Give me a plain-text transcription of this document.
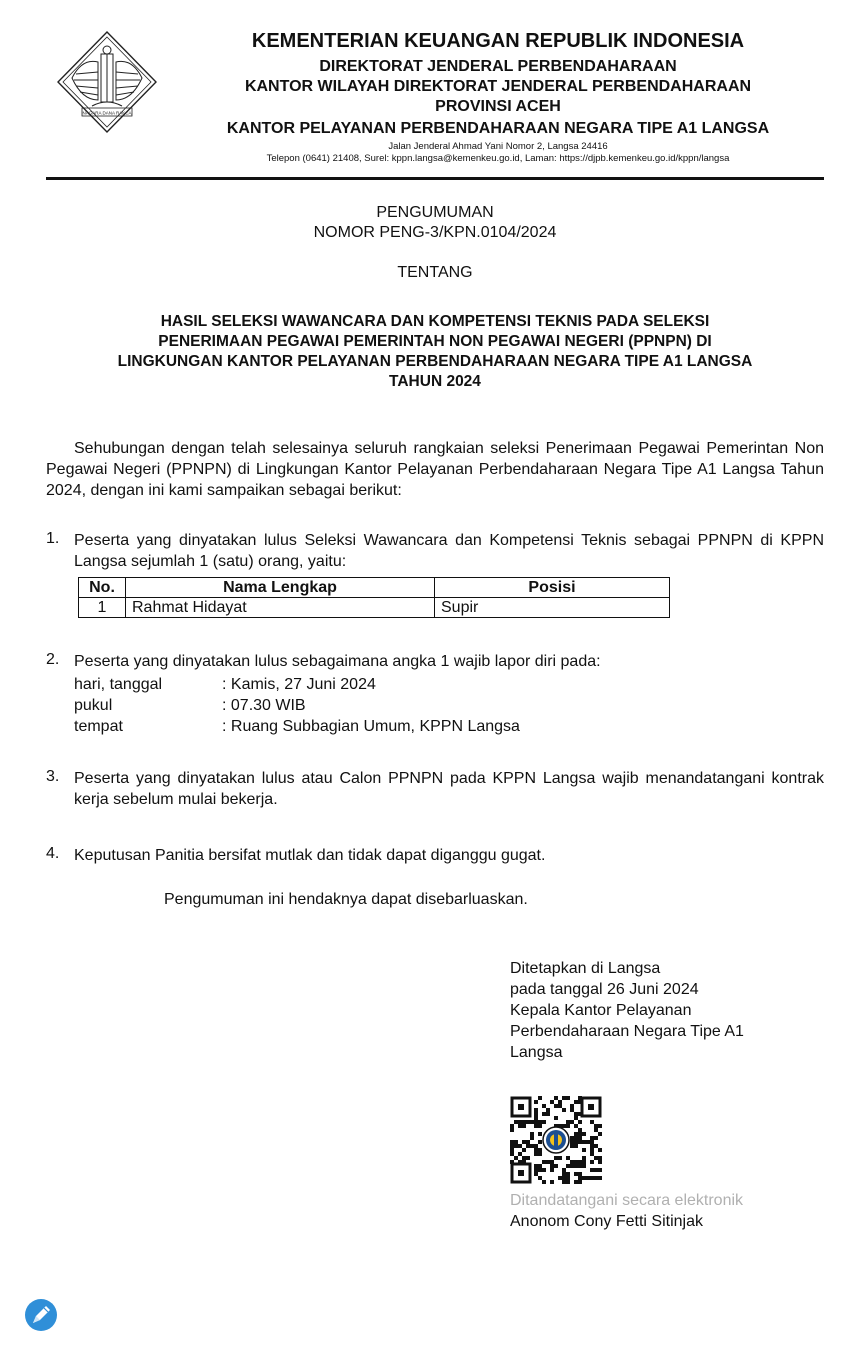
NAGARA DANA RAKCA
KEMENTERIAN KEUANGAN REPUBLIK INDONESIA
DIREKTORAT JENDERAL PERBENDAHARAAN
KANTOR WILAYAH DIREKTORAT JENDERAL PERBENDAHARAAN
PROVINSI ACEH
KANTOR PELAYANAN PERBENDAHARAAN NEGARA TIPE A1 LANGSA
Jalan Jenderal Ahmad Yani Nomor 2, Langsa 24416
Telepon (0641) 21408, Surel: kppn.langsa@kemenkeu.go.id, Laman: https://djpb.kemenkeu.go.id/kppn/langsa
PENGUMUMAN
NOMOR PENG-3/KPN.0104/2024
TENTANG
HASIL SELEKSI WAWANCARA DAN KOMPETENSI TEKNIS PADA SELEKSI
PENERIMAAN PEGAWAI PEMERINTAH NON PEGAWAI NEGERI (PPNPN) DI
LINGKUNGAN KANTOR PELAYANAN PERBENDAHARAAN NEGARA TIPE A1 LANGSA
TAHUN 2024
Sehubungan dengan telah selesainya seluruh rangkaian seleksi Penerimaan Pegawai Pemerintan Non Pegawai Negeri (PPNPN) di Lingkungan Kantor Pelayanan Perbendaharaan Negara Tipe A1 Langsa Tahun 2024, dengan ini kami sampaikan sebagai berikut:
1. Peserta yang dinyatakan lulus Seleksi Wawancara dan Kompetensi Teknis sebagai PPNPN di KPPN Langsa sejumlah 1 (satu) orang, yaitu:
No.	Nama Lengkap	Posisi
1	Rahmat Hidayat	Supir
2. Peserta yang dinyatakan lulus sebagaimana angka 1 wajib lapor diri pada:
hari, tanggal	: Kamis, 27 Juni 2024
pukul	: 07.30 WIB
tempat	: Ruang Subbagian Umum, KPPN Langsa
3. Peserta yang dinyatakan lulus atau Calon PPNPN pada KPPN Langsa wajib menandatangani kontrak kerja sebelum mulai bekerja.
4. Keputusan Panitia bersifat mutlak dan tidak dapat diganggu gugat.
Pengumuman ini hendaknya dapat disebarluaskan.
Ditetapkan di Langsa
pada tanggal 26 Juni 2024
Kepala Kantor Pelayanan
Perbendaharaan Negara Tipe A1
Langsa
Ditandatangani secara elektronik
Anonom Cony Fetti Sitinjak
